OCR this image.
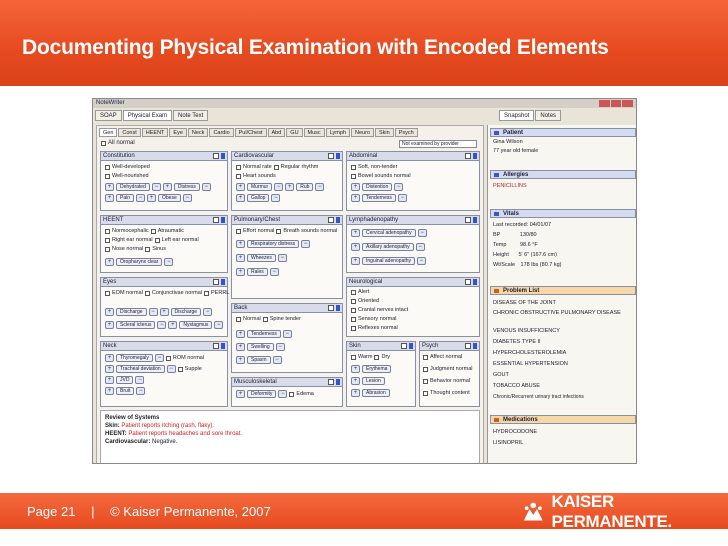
Documenting Physical Examination with Encoded Elements
NoteWriter
SOAP	Physical Exam	Note Text	Snapshot	Notes
Gen	Const	HEENT	Eye	Neck	Cardio	Pul/Chest	Abd	GU	Musc	Lymph	Neuro	Skin	Psych
All normal	Not examined by provider
Constitution
Well-developed
Well-nourished
+	Dehydrated	−	+	Distress	−
+	Pain	−	+	Obese	−
HEENT
Normocephalic Atraumatic
Right ear normal Left ear normal
Nose normal Sinus
+	Oropharynx clear	−
Eyes
EOM normal Conjunctivae normal PERRL
+	Discharge	−	+	Discharge	−
+	Scleral icterus	−	+	Nystagmus	−
Neck
+	Thyromegaly	−	ROM normal
+	Tracheal deviation	−	Supple
+	JVD	−
+	Bruit	−
Cardiovascular
Normal rate Regular rhythm
Heart sounds
+	Murmur	−	+	Rub	−
+	Gallop	−
Pulmonary/Chest
Effort normal Breath sounds normal
+	Respiratory distress	−
+	Wheezes	−
+	Rales	−
Back
Normal Spine tender
+	Tenderness	−
+	Swelling	−
+	Spasm	−
Musculoskeletal
+	Deformity	−	Edema
Abdominal
Soft, non-tender
Bowel sounds normal
+	Distention	−
+	Tenderness	−
Lymphadenopathy
+	Cervical adenopathy	−
+	Axillary adenopathy	−
+	Inguinal adenopathy	−
Neurological
Alert
Oriented
Cranial nerves intact
Sensory normal
Reflexes normal
Skin
Warm Dry
+	Erythema
+	Lesion
+	Abrasion
Psych
Affect normal
Judgment normal
Behavior normal
Thought content
Review of Systems
Skin: Patient reports itching (rash, flaky).
HEENT: Patient reports headaches and sore throat.
Cardiovascular: Negative.
Patient
Gina Wilson
77 year old female
Allergies
PENICILLINS
Vitals
Last recorded: 04/01/07
BP	130/80
Temp 98.6 °F
Height 5' 6" (167.6 cm)
Wt/Scale 178 lbs (80.7 kg)
Problem List
DISEASE OF THE JOINT
CHRONIC OBSTRUCTIVE PULMONARY DISEASE
VENOUS INSUFFICIENCY
DIABETES TYPE II
HYPERCHOLESTEROLEMIA
ESSENTIAL HYPERTENSION
GOUT
TOBACCO ABUSE
Chronic/Recurrent urinary tract infections
Medications
HYDROCODONE
LISINOPRIL
Page 21 | © Kaiser Permanente, 2007
KAISER PERMANENTE.
